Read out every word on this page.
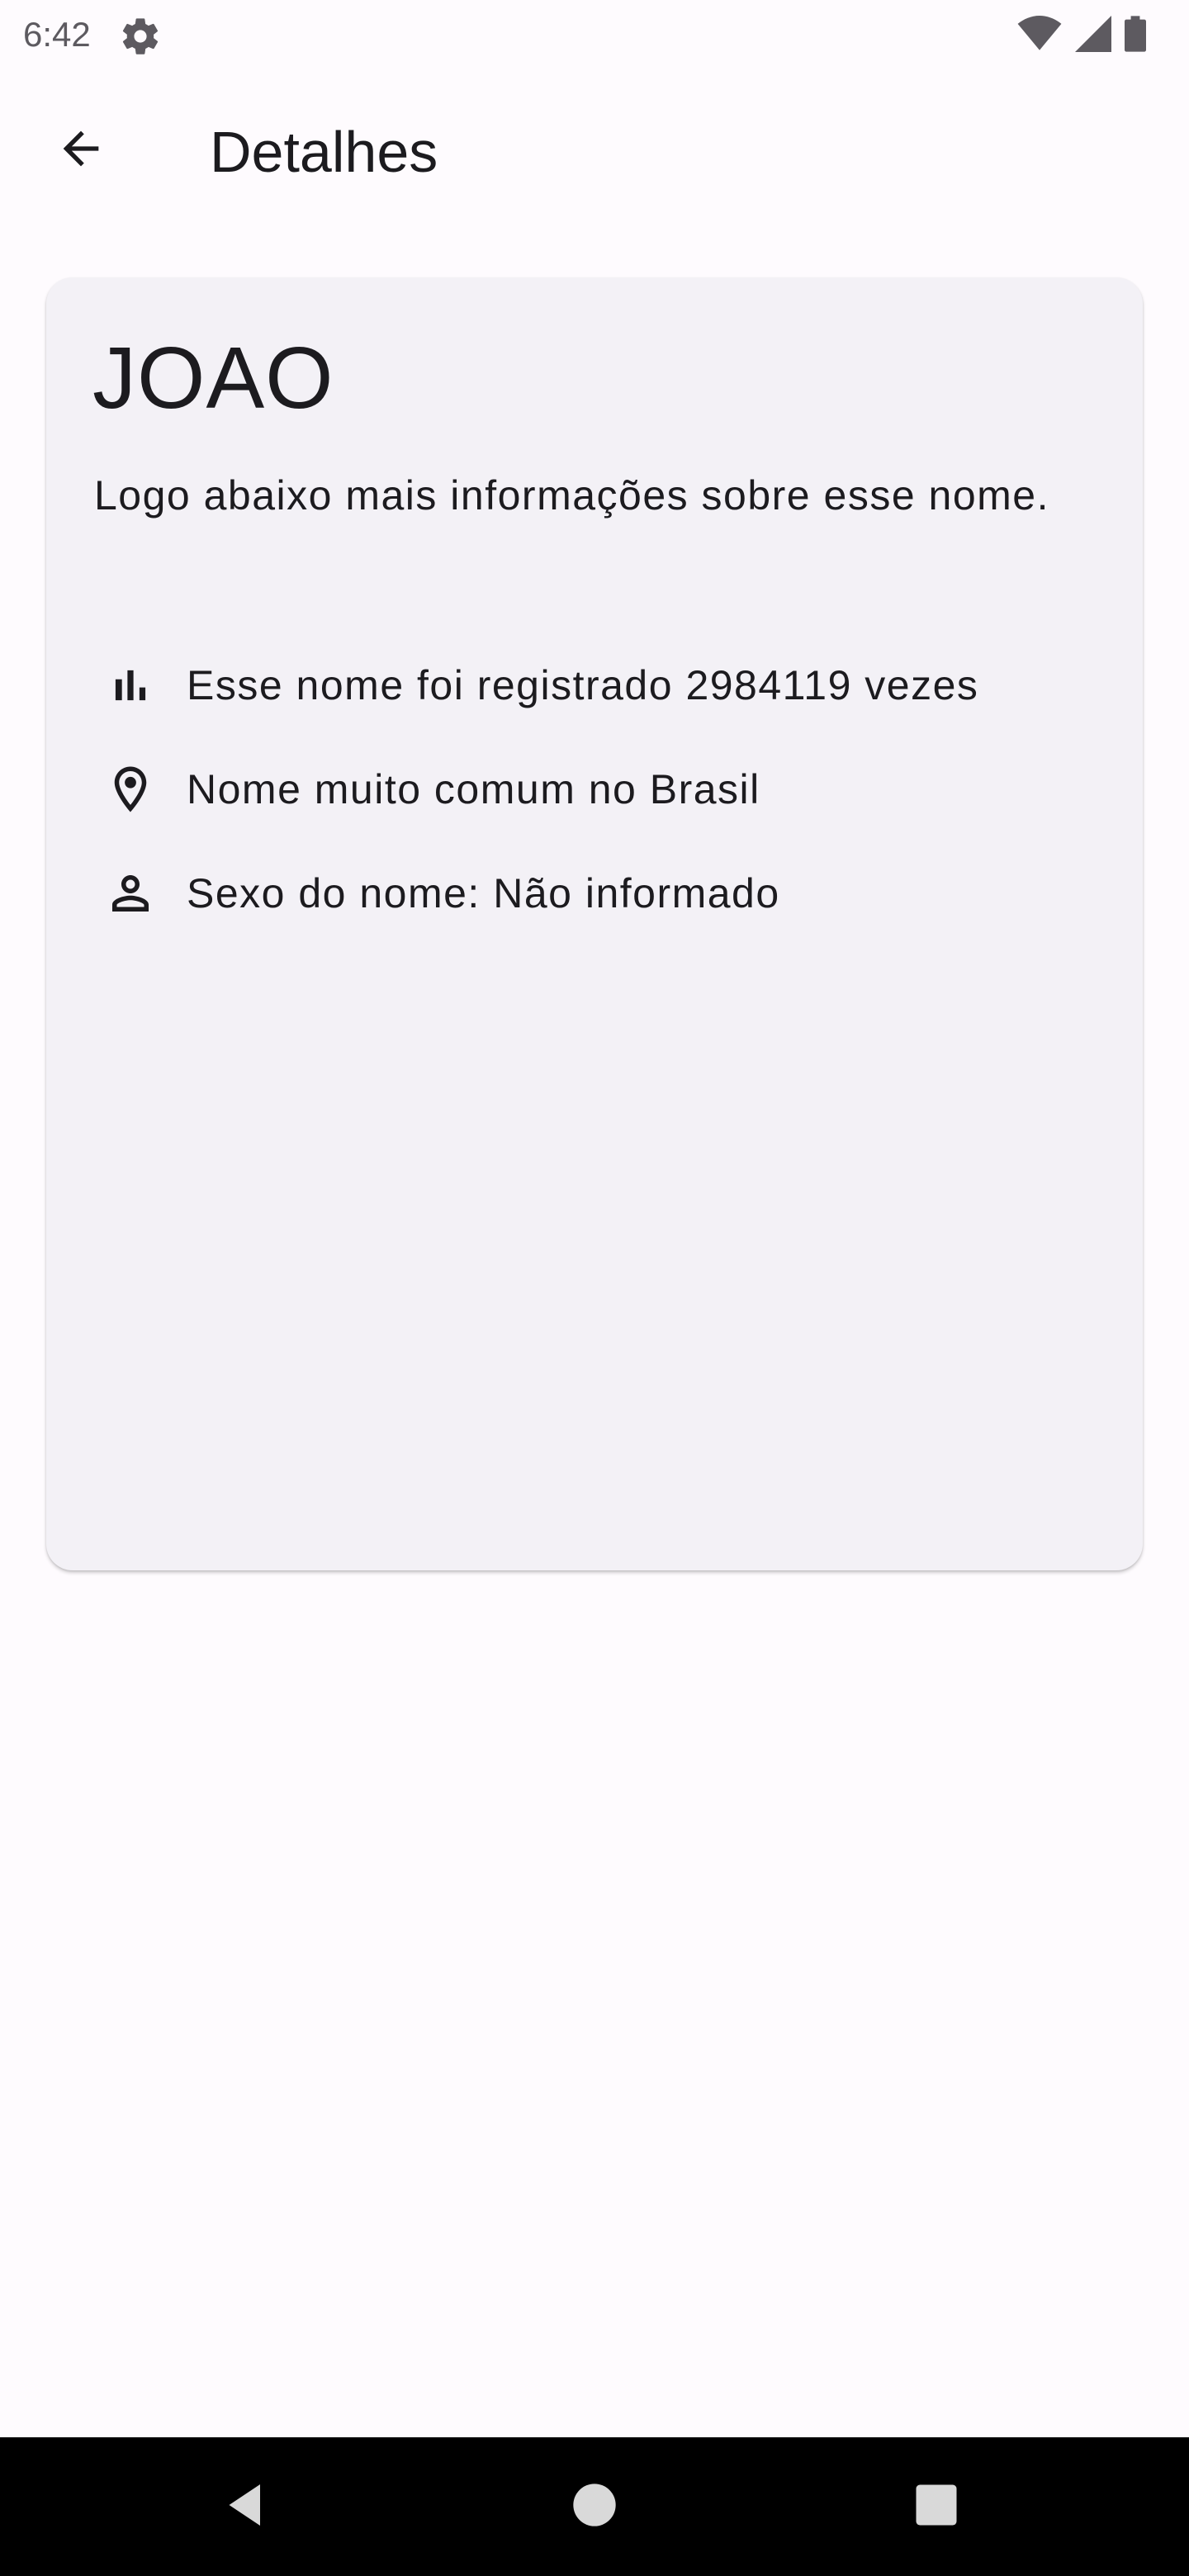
6:42
Detalhes
JOAO
Logo abaixo mais informações sobre esse nome.
Esse nome foi registrado 2984119 vezes
Nome muito comum no Brasil
Sexo do nome: Não informado
